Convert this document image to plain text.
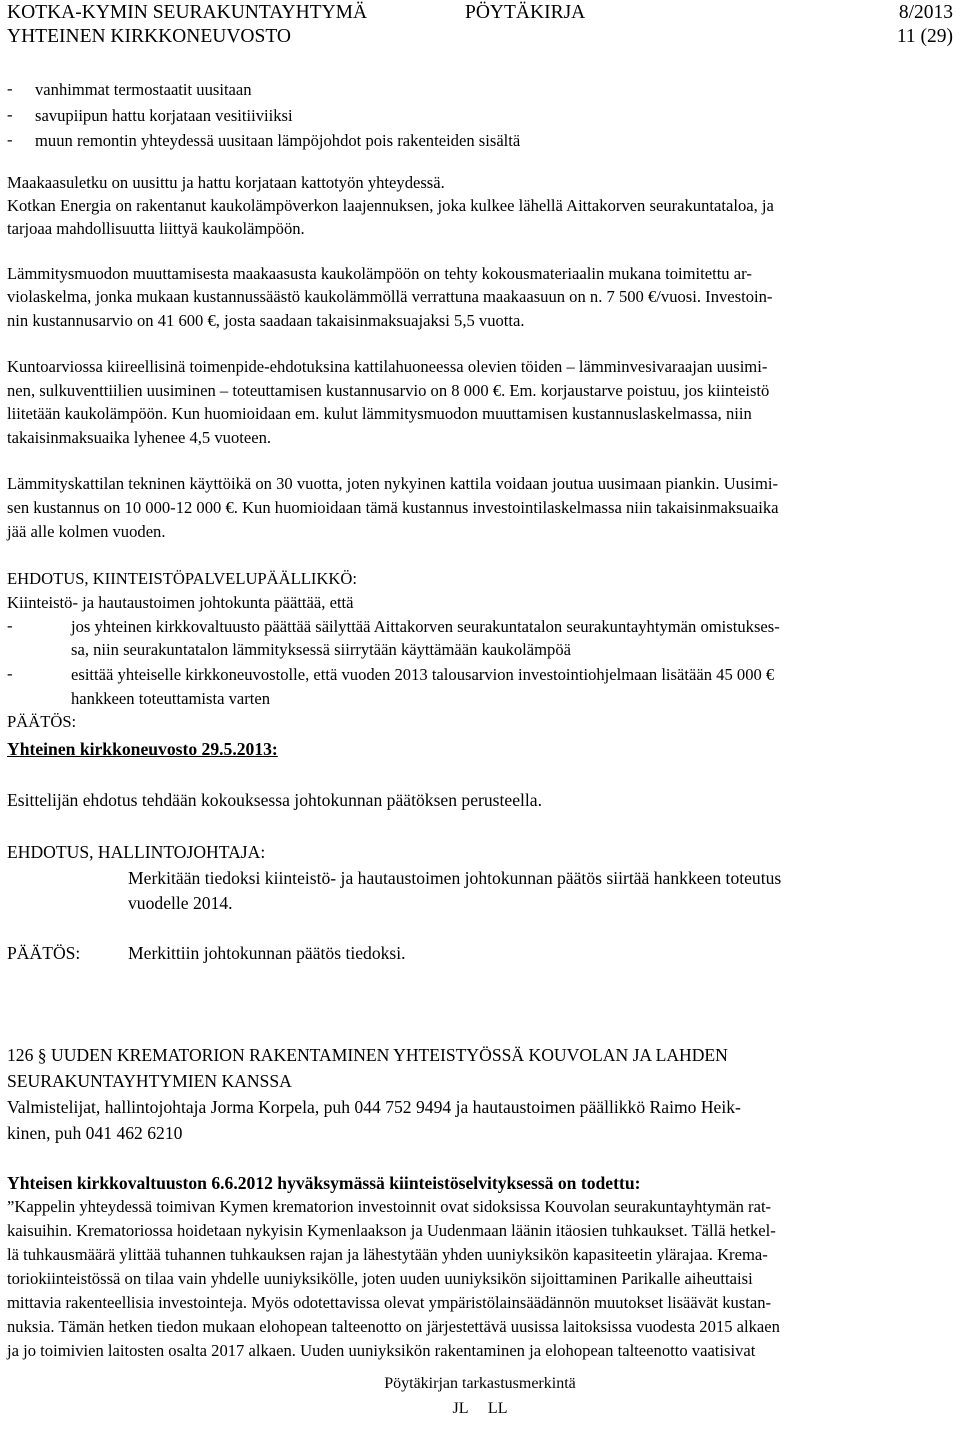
KOTKA-KYMIN SEURAKUNTAYHTYMÄ	PÖYTÄKIRJA	8/2013
YHTEINEN KIRKKONEUVOSTO	11 (29)
- vanhimmat termostaatit uusitaan
- savupiipun hattu korjataan vesitiiviiksi
- muun remontin yhteydessä uusitaan lämpöjohdot pois rakenteiden sisältä
Maakaasuletku on uusittu ja hattu korjataan kattotyön yhteydessä.
Kotkan Energia on rakentanut kaukolämpöverkon laajennuksen, joka kulkee lähellä Aittakorven seurakuntataloa, ja
tarjoaa mahdollisuutta liittyä kaukolämpöön.
Lämmitysmuodon muuttamisesta maakaasusta kaukolämpöön on tehty kokousmateriaalin mukana toimitettu ar-
violaskelma, jonka mukaan kustannussäästö kaukolämmöllä verrattuna maakaasuun on n. 7 500 €/vuosi. Investoin-
nin kustannusarvio on 41 600 €, josta saadaan takaisinmaksuajaksi 5,5 vuotta.
Kuntoarviossa kiireellisinä toimenpide-ehdotuksina kattilahuoneessa olevien töiden – lämminvesivaraajan uusimi-
nen, sulkuventtiilien uusiminen – toteuttamisen kustannusarvio on 8 000 €. Em. korjaustarve poistuu, jos kiinteistö
liitetään kaukolämpöön. Kun huomioidaan em. kulut lämmitysmuodon muuttamisen kustannuslaskelmassa, niin
takaisinmaksuaika lyhenee 4,5 vuoteen.
Lämmityskattilan tekninen käyttöikä on 30 vuotta, joten nykyinen kattila voidaan joutua uusimaan piankin. Uusimi-
sen kustannus on 10 000-12 000 €. Kun huomioidaan tämä kustannus investointilaskelmassa niin takaisinmaksuaika
jää alle kolmen vuoden.
EHDOTUS, KIINTEISTÖPALVELUPÄÄLLIKKÖ:
Kiinteistö- ja hautaustoimen johtokunta päättää, että
-	jos yhteinen kirkkovaltuusto päättää säilyttää Aittakorven seurakuntatalon seurakuntayhtymän omistukses-
sa, niin seurakuntatalon lämmityksessä siirrytään käyttämään kaukolämpöä
-	esittää yhteiselle kirkkoneuvostolle, että vuoden 2013 talousarvion investointiohjelmaan lisätään 45 000 €
hankkeen toteuttamista varten
PÄÄTÖS:
Yhteinen kirkkoneuvosto 29.5.2013:
Esittelijän ehdotus tehdään kokouksessa johtokunnan päätöksen perusteella.
EHDOTUS, HALLINTOJOHTAJA:
Merkitään tiedoksi kiinteistö- ja hautaustoimen johtokunnan päätös siirtää hankkeen toteutus
vuodelle 2014.
PÄÄTÖS:	Merkittiin johtokunnan päätös tiedoksi.
126 § UUDEN KREMATORION RAKENTAMINEN YHTEISTYÖSSÄ KOUVOLAN JA LAHDEN
SEURAKUNTAYHTYMIEN KANSSA
Valmistelijat, hallintojohtaja Jorma Korpela, puh 044 752 9494 ja hautaustoimen päällikkö Raimo Heik-
kinen, puh 041 462 6210
Yhteisen kirkkovaltuuston 6.6.2012 hyväksymässä kiinteistöselvityksessä on todettu:
”Kappelin yhteydessä toimivan Kymen krematorion investoinnit ovat sidoksissa Kouvolan seurakuntayhtymän rat-
kaisuihin. Krematoriossa hoidetaan nykyisin Kymenlaakson ja Uudenmaan läänin itäosien tuhkaukset. Tällä hetkel-
lä tuhkausmäärä ylittää tuhannen tuhkauksen rajan ja lähestytään yhden uuniyksikön kapasiteetin ylärajaa. Krema-
toriokiinteistössä on tilaa vain yhdelle uuniyksikölle, joten uuden uuniyksikön sijoittaminen Parikalle aiheuttaisi
mittavia rakenteellisia investointeja. Myös odotettavissa olevat ympäristölainsäädännön muutokset lisäävät kustan-
nuksia. Tämän hetken tiedon mukaan elohopean talteenotto on järjestettävä uusissa laitoksissa vuodesta 2015 alkaen
ja jo toimivien laitosten osalta 2017 alkaen. Uuden uuniyksikön rakentaminen ja elohopean talteenotto vaatisivat
Pöytäkirjan tarkastusmerkintä
JL     LL
